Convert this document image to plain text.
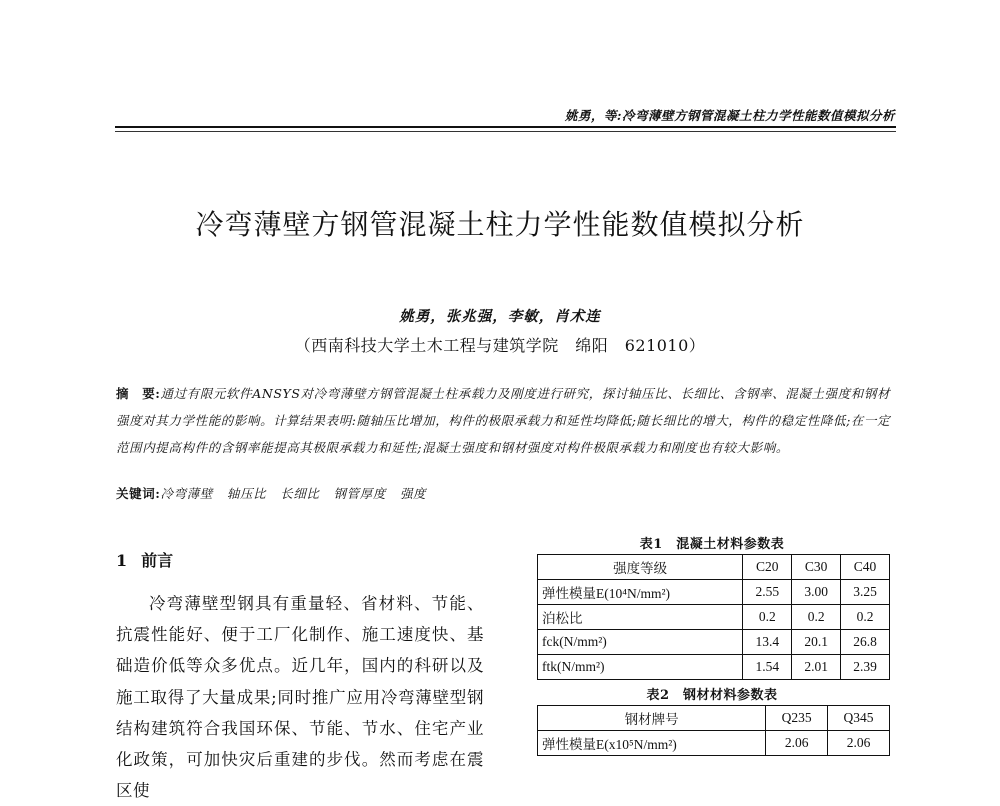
姚勇，等:冷弯薄壁方钢管混凝土柱力学性能数值模拟分析
冷弯薄壁方钢管混凝土柱力学性能数值模拟分析
姚勇，张兆强，李敏，肖术连
（西南科技大学土木工程与建筑学院　绵阳　621010）
摘　要:通过有限元软件ANSYS对冷弯薄壁方钢管混凝土柱承载力及刚度进行研究，探讨轴压比、长细比、含钢率、混凝土强度和钢材强度对其力学性能的影响。计算结果表明:随轴压比增加，构件的极限承载力和延性均降低;随长细比的增大，构件的稳定性降低;在一定范围内提高构件的含钢率能提高其极限承载力和延性;混凝土强度和钢材强度对构件极限承载力和刚度也有较大影响。
关键词:冷弯薄壁 轴压比 长细比 钢管厚度 强度
1 前言
冷弯薄壁型钢具有重量轻、省材料、节能、抗震性能好、便于工厂化制作、施工速度快、基础造价低等众多优点。近几年，国内的科研以及施工取得了大量成果;同时推广应用冷弯薄壁型钢结构建筑符合我国环保、节能、节水、住宅产业化政策，可加快灾后重建的步伐。然而考虑在震区使
表1　混凝土材料参数表
强度等级	C20	C30	C40
弹性模量E(10⁴N/mm²)	2.55	3.00	3.25
泊松比	0.2	0.2	0.2
fck(N/mm²)	13.4	20.1	26.8
ftk(N/mm²)	1.54	2.01	2.39
表2　钢材材料参数表
钢材牌号	Q235	Q345
弹性模量E(x10⁵N/mm²)	2.06	2.06
